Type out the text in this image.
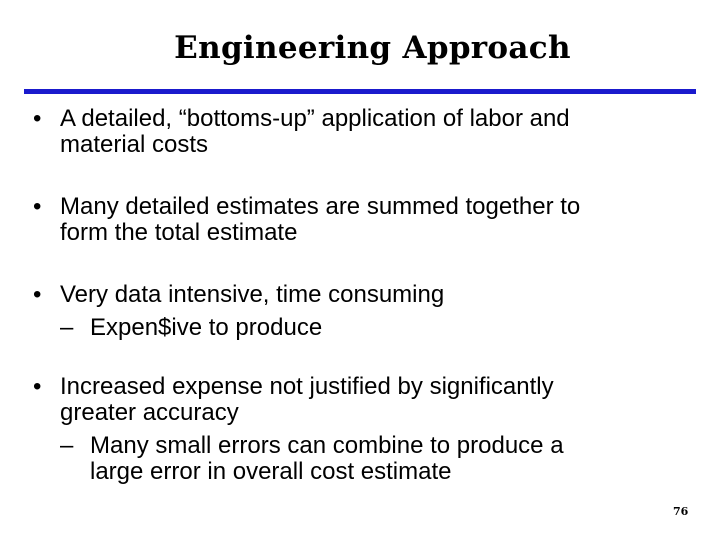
Engineering Approach
• A detailed, “bottoms-up” application of labor and
material costs
• Many detailed estimates are summed together to
form the total estimate
• Very data intensive, time consuming
– Expen$ive to produce
• Increased expense not justified by significantly
greater accuracy
– Many small errors can combine to produce a
large error in overall cost estimate
76
